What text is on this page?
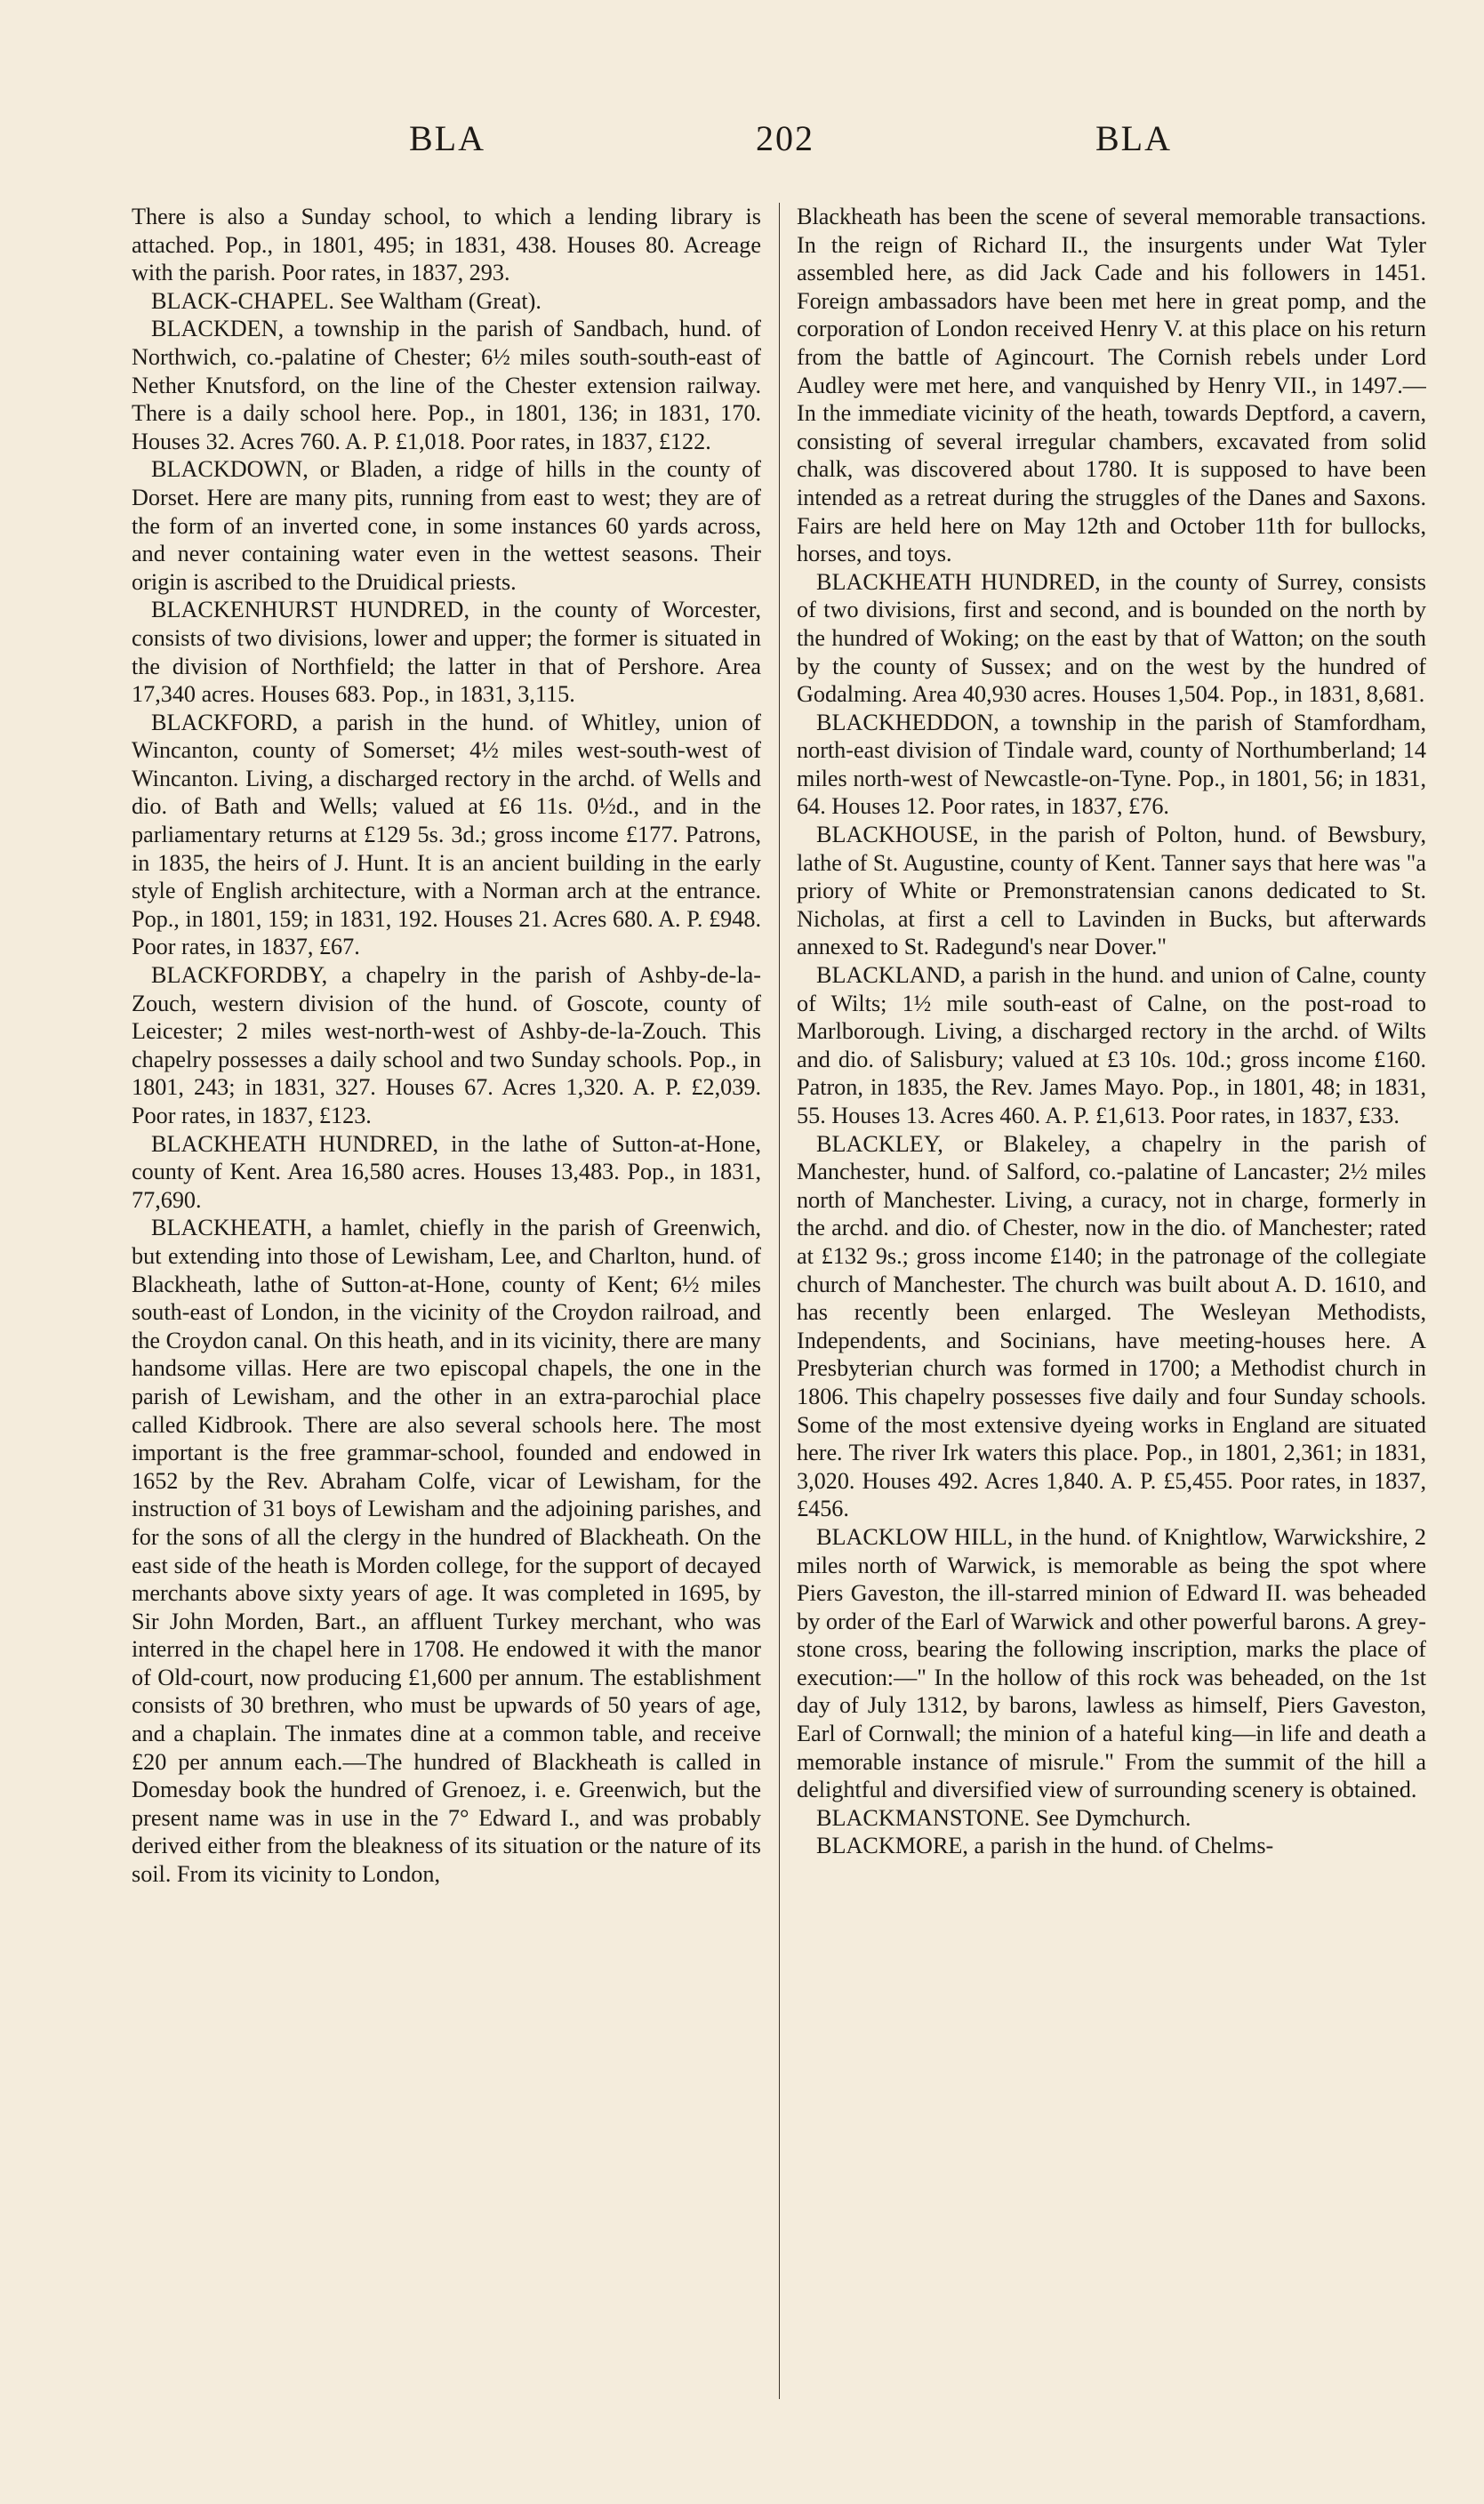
BLA	202	BLA

There is also a Sunday school, to which a lending library is attached. Pop., in 1801, 495; in 1831, 438. Houses 80. Acreage with the parish. Poor rates, in 1837, 293.

BLACK-CHAPEL. See Waltham (Great).

BLACKDEN, a township in the parish of Sandbach, hund. of Northwich, co.-palatine of Chester; 6½ miles south-south-east of Nether Knutsford, on the line of the Chester extension railway. There is a daily school here. Pop., in 1801, 136; in 1831, 170. Houses 32. Acres 760. A. P. £1,018. Poor rates, in 1837, £122.

BLACKDOWN, or Bladen, a ridge of hills in the county of Dorset. Here are many pits, running from east to west; they are of the form of an inverted cone, in some instances 60 yards across, and never containing water even in the wettest seasons. Their origin is ascribed to the Druidical priests.

BLACKENHURST HUNDRED, in the county of Worcester, consists of two divisions, lower and upper; the former is situated in the division of Northfield; the latter in that of Pershore. Area 17,340 acres. Houses 683. Pop., in 1831, 3,115.

BLACKFORD, a parish in the hund. of Whitley, union of Wincanton, county of Somerset; 4½ miles west-south-west of Wincanton. Living, a discharged rectory in the archd. of Wells and dio. of Bath and Wells; valued at £6 11s. 0½d., and in the parliamentary returns at £129 5s. 3d.; gross income £177. Patrons, in 1835, the heirs of J. Hunt. It is an ancient building in the early style of English architecture, with a Norman arch at the entrance. Pop., in 1801, 159; in 1831, 192. Houses 21. Acres 680. A. P. £948. Poor rates, in 1837, £67.

BLACKFORDBY, a chapelry in the parish of Ashby-de-la-Zouch, western division of the hund. of Goscote, county of Leicester; 2 miles west-north-west of Ashby-de-la-Zouch. This chapelry possesses a daily school and two Sunday schools. Pop., in 1801, 243; in 1831, 327. Houses 67. Acres 1,320. A. P. £2,039. Poor rates, in 1837, £123.

BLACKHEATH HUNDRED, in the lathe of Sutton-at-Hone, county of Kent. Area 16,580 acres. Houses 13,483. Pop., in 1831, 77,690.

BLACKHEATH, a hamlet, chiefly in the parish of Greenwich, but extending into those of Lewisham, Lee, and Charlton, hund. of Blackheath, lathe of Sutton-at-Hone, county of Kent; 6½ miles south-east of London, in the vicinity of the Croydon railroad, and the Croydon canal. On this heath, and in its vicinity, there are many handsome villas. Here are two episcopal chapels, the one in the parish of Lewisham, and the other in an extra-parochial place called Kidbrook. There are also several schools here. The most important is the free grammar-school, founded and endowed in 1652 by the Rev. Abraham Colfe, vicar of Lewisham, for the instruction of 31 boys of Lewisham and the adjoining parishes, and for the sons of all the clergy in the hundred of Blackheath. On the east side of the heath is Morden college, for the support of decayed merchants above sixty years of age. It was completed in 1695, by Sir John Morden, Bart., an affluent Turkey merchant, who was interred in the chapel here in 1708. He endowed it with the manor of Old-court, now producing £1,600 per annum. The establishment consists of 30 brethren, who must be upwards of 50 years of age, and a chaplain. The inmates dine at a common table, and receive £20 per annum each.—The hundred of Blackheath is called in Domesday book the hundred of Grenoez, i. e. Greenwich, but the present name was in use in the 7° Edward I., and was probably derived either from the bleakness of its situation or the nature of its soil. From its vicinity to London,

Blackheath has been the scene of several memorable transactions. In the reign of Richard II., the insurgents under Wat Tyler assembled here, as did Jack Cade and his followers in 1451. Foreign ambassadors have been met here in great pomp, and the corporation of London received Henry V. at this place on his return from the battle of Agincourt. The Cornish rebels under Lord Audley were met here, and vanquished by Henry VII., in 1497.—In the immediate vicinity of the heath, towards Deptford, a cavern, consisting of several irregular chambers, excavated from solid chalk, was discovered about 1780. It is supposed to have been intended as a retreat during the struggles of the Danes and Saxons. Fairs are held here on May 12th and October 11th for bullocks, horses, and toys.

BLACKHEATH HUNDRED, in the county of Surrey, consists of two divisions, first and second, and is bounded on the north by the hundred of Woking; on the east by that of Watton; on the south by the county of Sussex; and on the west by the hundred of Godalming. Area 40,930 acres. Houses 1,504. Pop., in 1831, 8,681.

BLACKHEDDON, a township in the parish of Stamfordham, north-east division of Tindale ward, county of Northumberland; 14 miles north-west of Newcastle-on-Tyne. Pop., in 1801, 56; in 1831, 64. Houses 12. Poor rates, in 1837, £76.

BLACKHOUSE, in the parish of Polton, hund. of Bewsbury, lathe of St. Augustine, county of Kent. Tanner says that here was "a priory of White or Premonstratensian canons dedicated to St. Nicholas, at first a cell to Lavinden in Bucks, but afterwards annexed to St. Radegund's near Dover."

BLACKLAND, a parish in the hund. and union of Calne, county of Wilts; 1½ mile south-east of Calne, on the post-road to Marlborough. Living, a discharged rectory in the archd. of Wilts and dio. of Salisbury; valued at £3 10s. 10d.; gross income £160. Patron, in 1835, the Rev. James Mayo. Pop., in 1801, 48; in 1831, 55. Houses 13. Acres 460. A. P. £1,613. Poor rates, in 1837, £33.

BLACKLEY, or Blakeley, a chapelry in the parish of Manchester, hund. of Salford, co.-palatine of Lancaster; 2½ miles north of Manchester. Living, a curacy, not in charge, formerly in the archd. and dio. of Chester, now in the dio. of Manchester; rated at £132 9s.; gross income £140; in the patronage of the collegiate church of Manchester. The church was built about A. D. 1610, and has recently been enlarged. The Wesleyan Methodists, Independents, and Socinians, have meeting-houses here. A Presbyterian church was formed in 1700; a Methodist church in 1806. This chapelry possesses five daily and four Sunday schools. Some of the most extensive dyeing works in England are situated here. The river Irk waters this place. Pop., in 1801, 2,361; in 1831, 3,020. Houses 492. Acres 1,840. A. P. £5,455. Poor rates, in 1837, £456.

BLACKLOW HILL, in the hund. of Knightlow, Warwickshire, 2 miles north of Warwick, is memorable as being the spot where Piers Gaveston, the ill-starred minion of Edward II. was beheaded by order of the Earl of Warwick and other powerful barons. A grey-stone cross, bearing the following inscription, marks the place of execution:—" In the hollow of this rock was beheaded, on the 1st day of July 1312, by barons, lawless as himself, Piers Gaveston, Earl of Cornwall; the minion of a hateful king—in life and death a memorable instance of misrule." From the summit of the hill a delightful and diversified view of surrounding scenery is obtained.

BLACKMANSTONE. See Dymchurch.

BLACKMORE, a parish in the hund. of Chelms-
